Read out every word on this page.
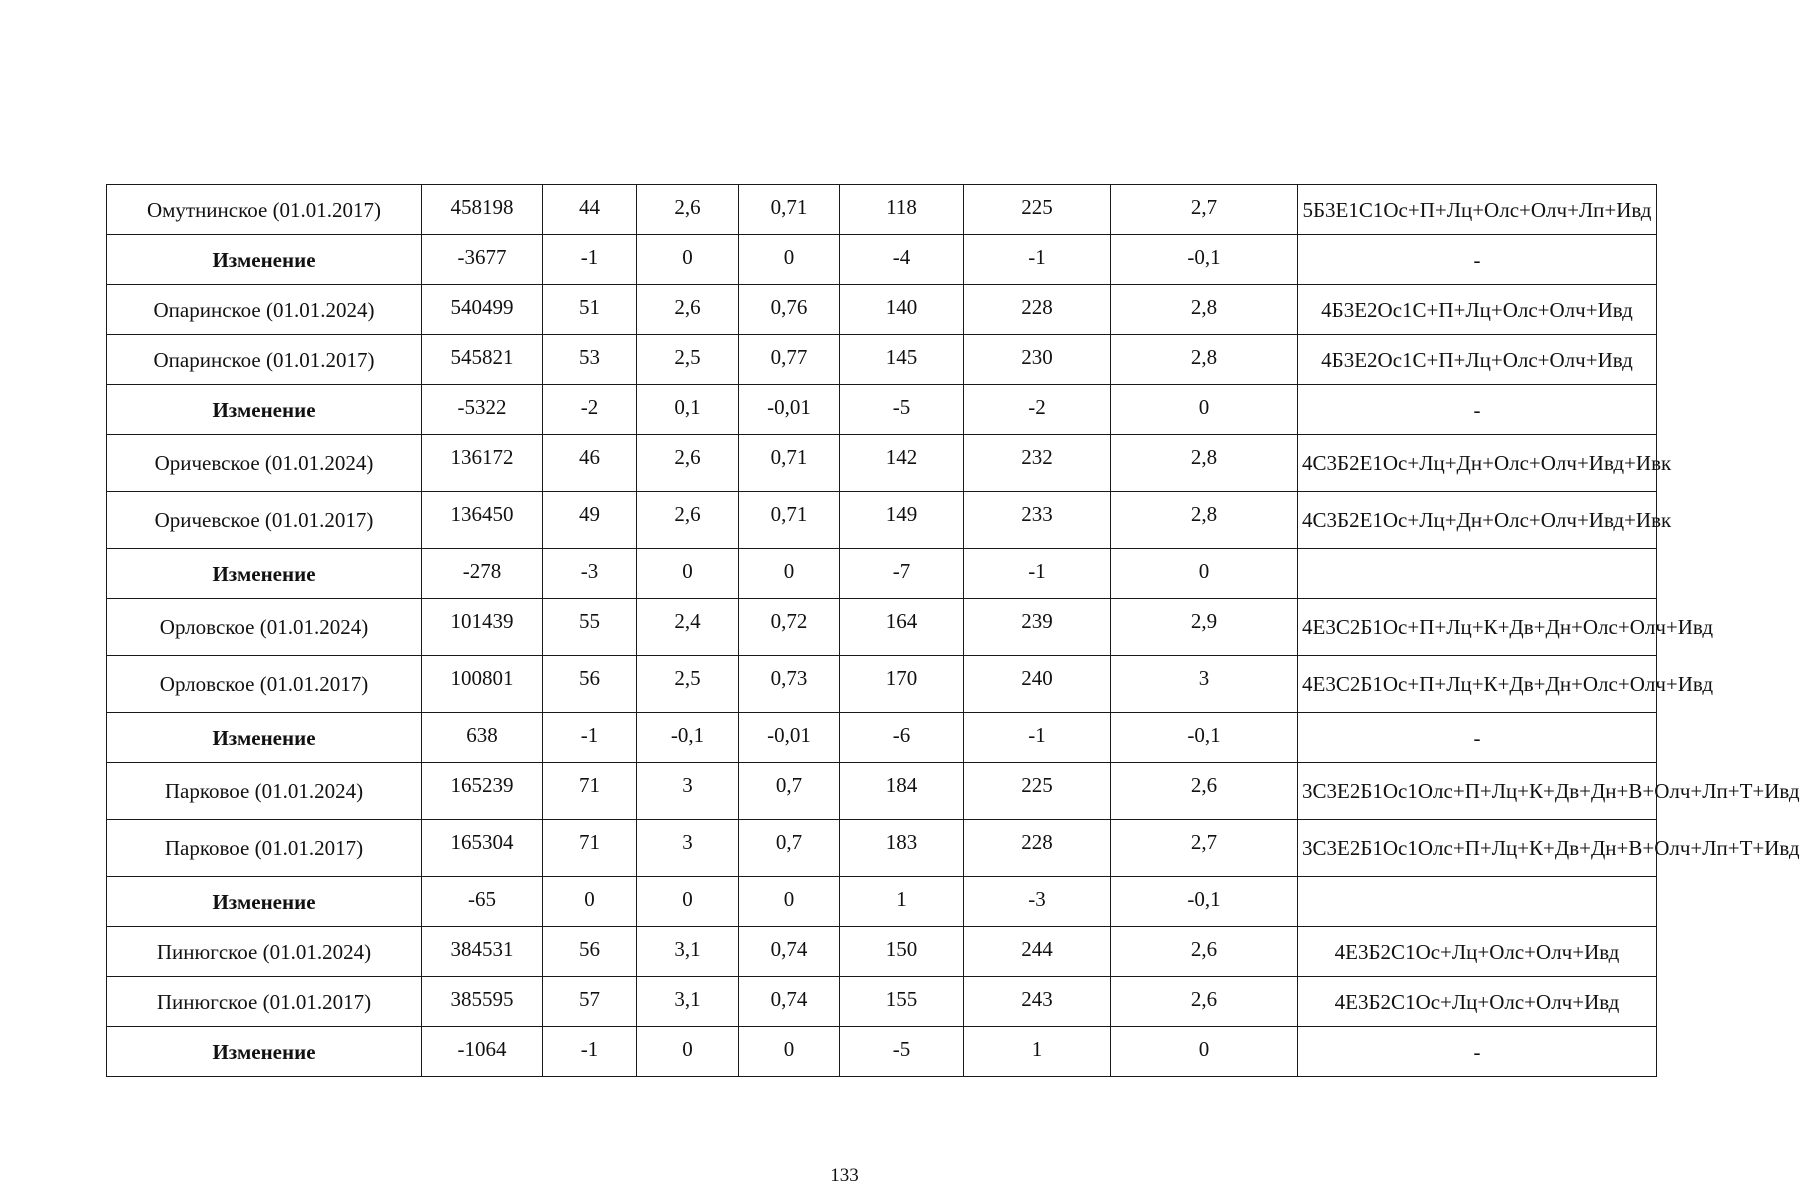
Омутнинское (01.01.2017)	458198	44	2,6	0,71	118	225	2,7	5Б3Е1С1Ос+П+Лц+Олс+Олч+Лп+Ивд
Изменение	-3677	-1	0	0	-4	-1	-0,1	-
Опаринское (01.01.2024)	540499	51	2,6	0,76	140	228	2,8	4Б3Е2Ос1С+П+Лц+Олс+Олч+Ивд
Опаринское (01.01.2017)	545821	53	2,5	0,77	145	230	2,8	4Б3Е2Ос1С+П+Лц+Олс+Олч+Ивд
Изменение	-5322	-2	0,1	-0,01	-5	-2	0	-
Оричевское (01.01.2024)	136172	46	2,6	0,71	142	232	2,8	4С3Б2Е1Ос+Лц+Дн+Олс+Олч+Ивд+Ивк
Оричевское (01.01.2017)	136450	49	2,6	0,71	149	233	2,8	4С3Б2Е1Ос+Лц+Дн+Олс+Олч+Ивд+Ивк
Изменение	-278	-3	0	0	-7	-1	0	
Орловское (01.01.2024)	101439	55	2,4	0,72	164	239	2,9	4Е3С2Б1Ос+П+Лц+К+Дв+Дн+Олс+Олч+Ивд
Орловское (01.01.2017)	100801	56	2,5	0,73	170	240	3	4Е3С2Б1Ос+П+Лц+К+Дв+Дн+Олс+Олч+Ивд
Изменение	638	-1	-0,1	-0,01	-6	-1	-0,1	-
Парковое (01.01.2024)	165239	71	3	0,7	184	225	2,6	3С3Е2Б1Ос1Олс+П+Лц+К+Дв+Дн+В+Олч+Лп+Т+Ивд
Парковое (01.01.2017)	165304	71	3	0,7	183	228	2,7	3С3Е2Б1Ос1Олс+П+Лц+К+Дв+Дн+В+Олч+Лп+Т+Ивд
Изменение	-65	0	0	0	1	-3	-0,1	
Пинюгское (01.01.2024)	384531	56	3,1	0,74	150	244	2,6	4Е3Б2С1Ос+Лц+Олс+Олч+Ивд
Пинюгское (01.01.2017)	385595	57	3,1	0,74	155	243	2,6	4Е3Б2С1Ос+Лц+Олс+Олч+Ивд
Изменение	-1064	-1	0	0	-5	1	0	-
133
